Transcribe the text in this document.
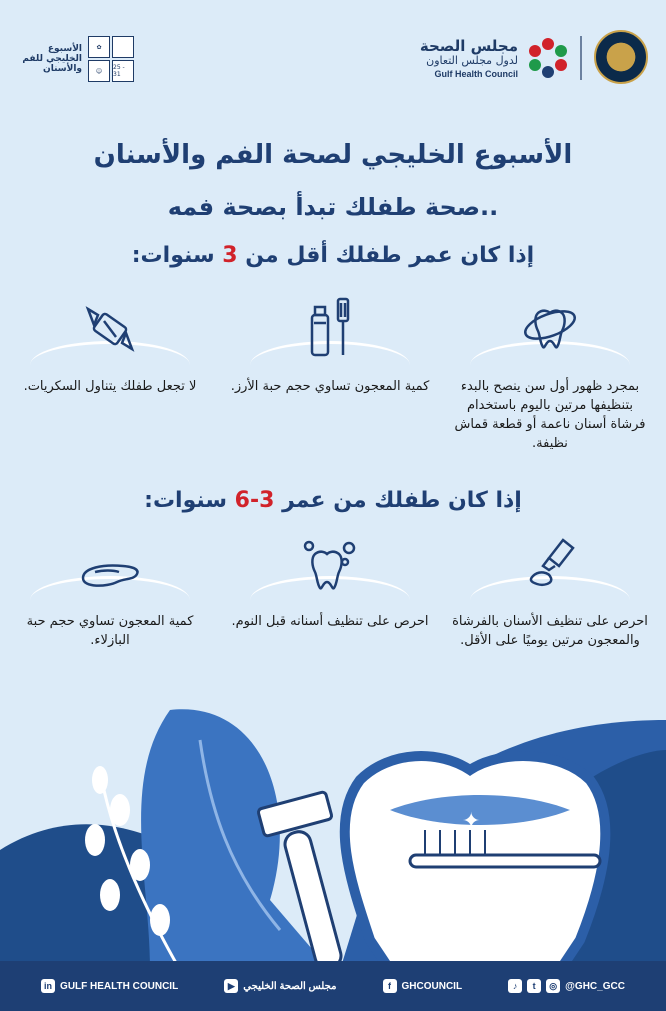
مجلس الصحة
لدول مجلس التعاون
Gulf Health Council
الأسبوع الخليجي للفم والأسنان
✿
☺	25 - 31
الأسبوع الخليجي لصحة الفم والأسنان
صحة طفلك تبدأ بصحة فمه..
إذا كان عمر طفلك أقل من 3 سنوات:
بمجرد ظهور أول سن ينصح بالبدء بتنظيفها مرتين باليوم باستخدام فرشاة أسنان ناعمة أو قطعة قماش نظيفة.
كمية المعجون تساوي حجم حبة الأرز.
لا تجعل طفلك يتناول السكريات.
إذا كان طفلك من عمر 3-6 سنوات:
احرص على تنظيف الأسنان بالفرشاة والمعجون مرتين يوميًا على الأقل.
احرص على تنظيف أسنانه قبل النوم.
كمية المعجون تساوي حجم حبة البازلاء.
✦
in GULF HEALTH COUNCIL	▶ مجلس الصحة الخليجي	f	GHCOUNCIL	♪	t	◎ @GHC_GCC
